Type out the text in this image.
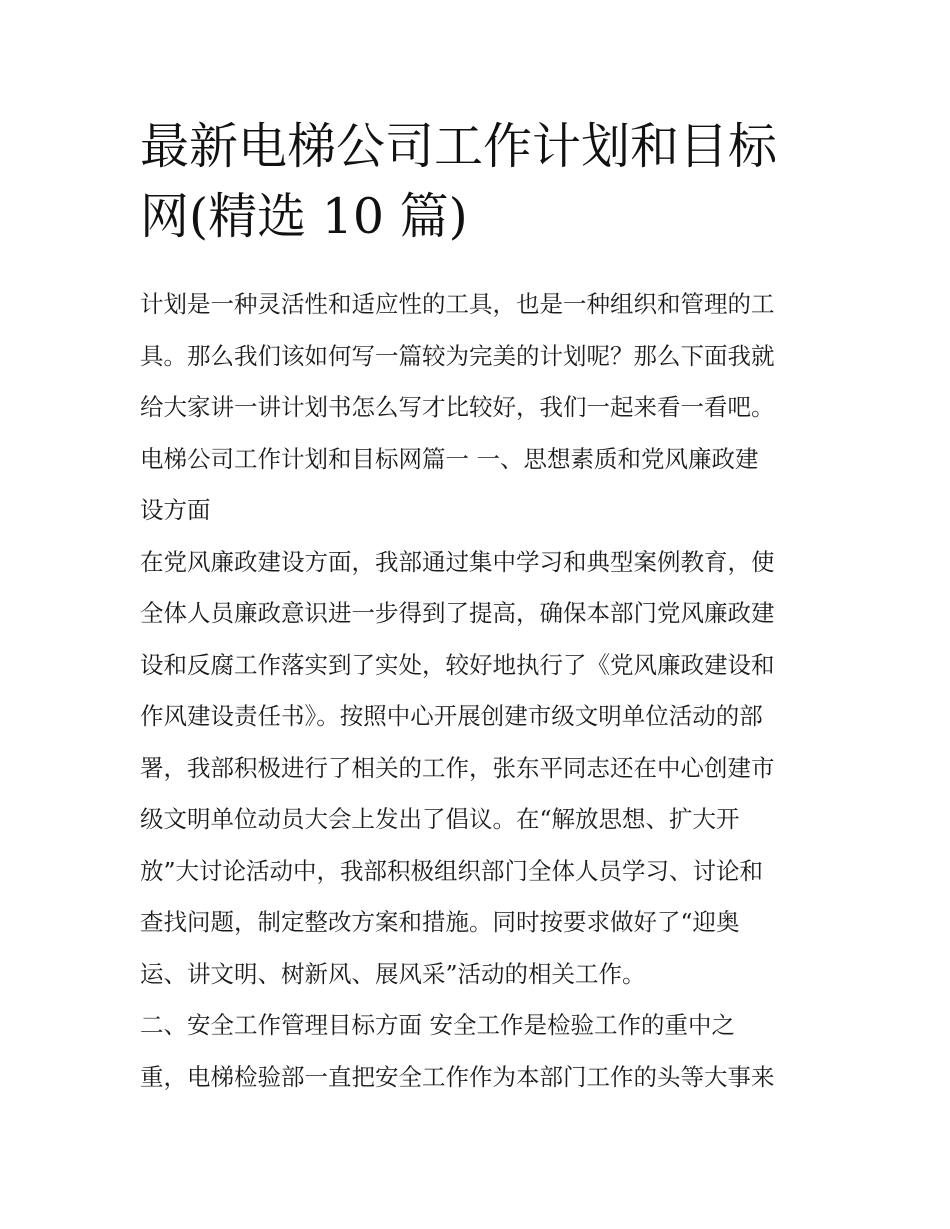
最新电梯公司工作计划和目标
网(精选 10 篇)
计划是一种灵活性和适应性的工具，也是一种组织和管理的工
具。那么我们该如何写一篇较为完美的计划呢？那么下面我就
给大家讲一讲计划书怎么写才比较好，我们一起来看一看吧。
电梯公司工作计划和目标网篇一 一、思想素质和党风廉政建
设方面
在党风廉政建设方面，我部通过集中学习和典型案例教育，使
全体人员廉政意识进一步得到了提高，确保本部门党风廉政建
设和反腐工作落实到了实处，较好地执行了《党风廉政建设和
作风建设责任书》。按照中心开展创建市级文明单位活动的部
署，我部积极进行了相关的工作，张东平同志还在中心创建市
级文明单位动员大会上发出了倡议。在“解放思想、扩大开
放”大讨论活动中，我部积极组织部门全体人员学习、讨论和
查找问题，制定整改方案和措施。同时按要求做好了“迎奥
运、讲文明、树新风、展风采”活动的相关工作。
二、安全工作管理目标方面 安全工作是检验工作的重中之
重，电梯检验部一直把安全工作作为本部门工作的头等大事来
